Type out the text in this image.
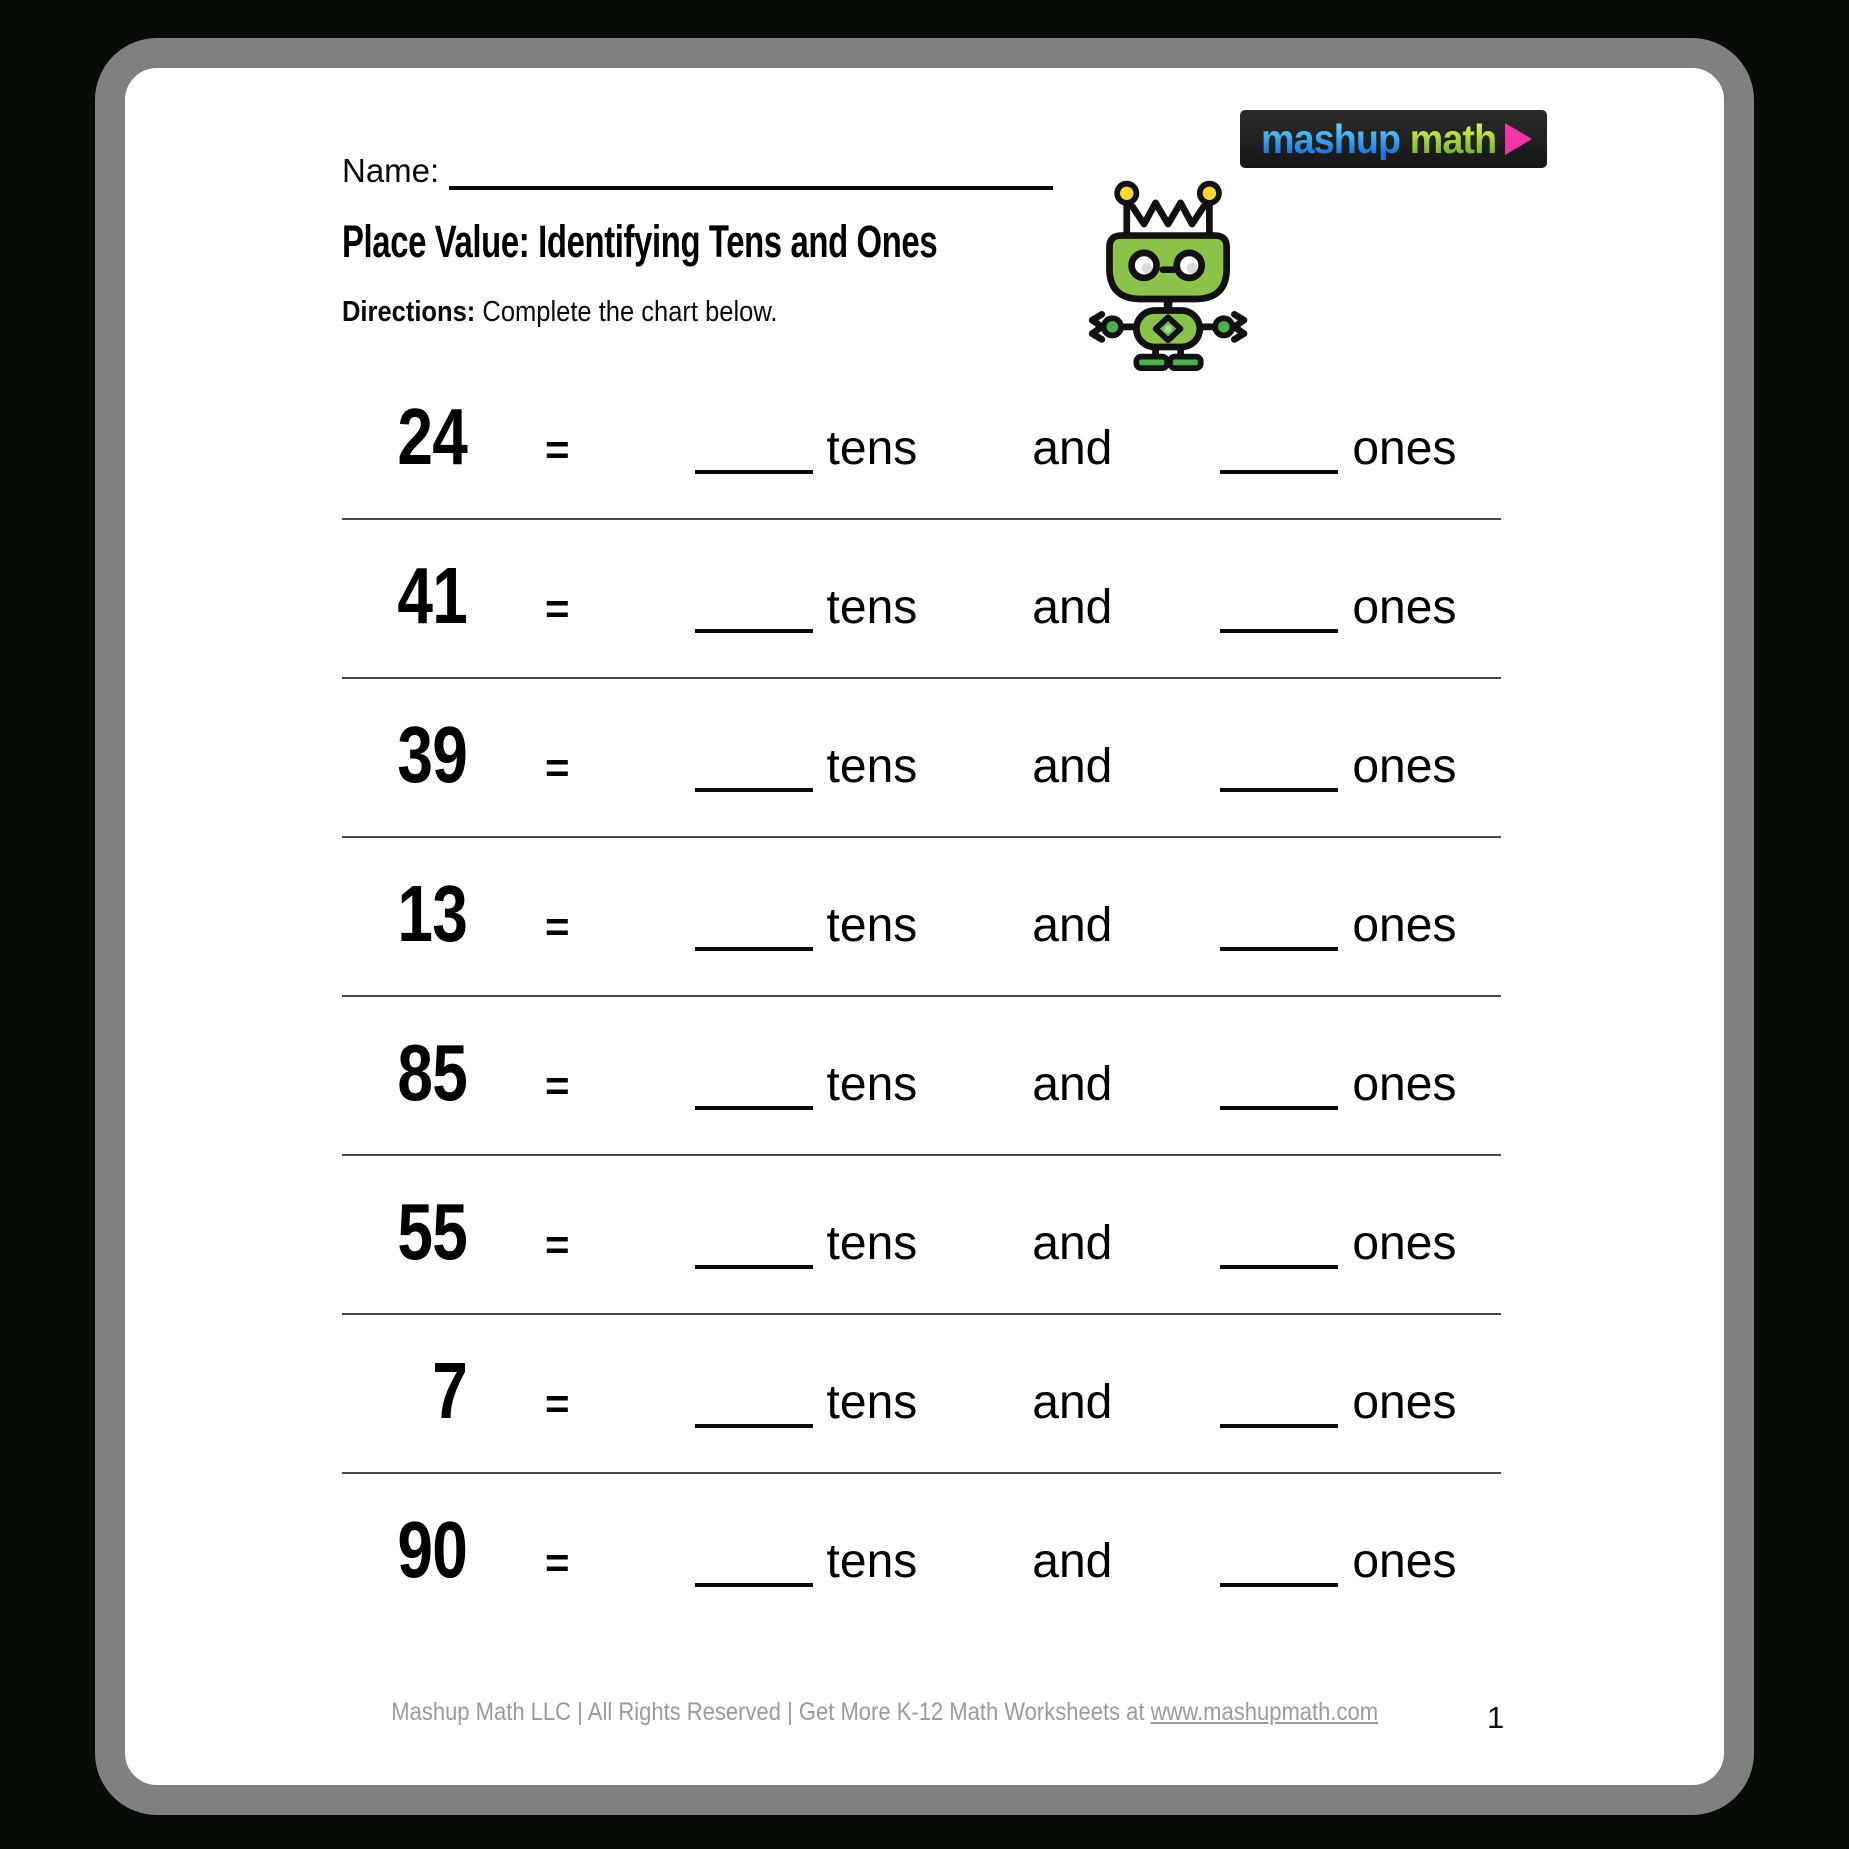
Name:
Place Value: Identifying Tens and Ones
Directions: Complete the chart below.
mashup math
24 =	tens and	ones
41 =	tens and	ones
39 =	tens and	ones
13 =	tens and	ones
85 =	tens and	ones
55 =	tens and	ones
7 =	tens and	ones
90 =	tens and	ones
Mashup Math LLC | All Rights Reserved | Get More K-12 Math Worksheets at www.mashupmath.com	1
